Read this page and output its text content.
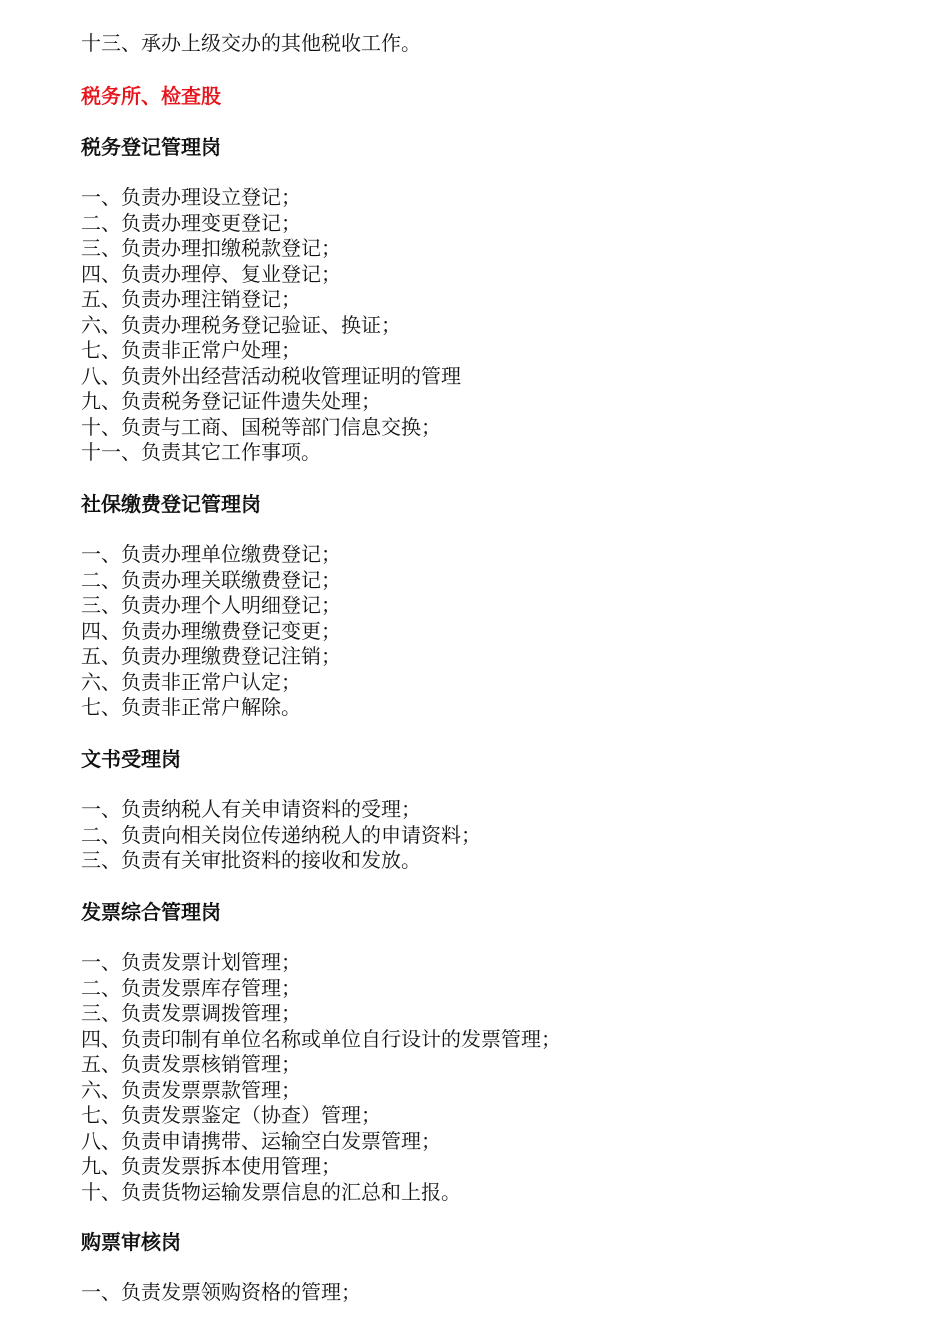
十三、承办上级交办的其他税收工作。
税务所、检查股
税务登记管理岗
一、负责办理设立登记；
二、负责办理变更登记；
三、负责办理扣缴税款登记；
四、负责办理停、复业登记；
五、负责办理注销登记；
六、负责办理税务登记验证、换证；
七、负责非正常户处理；
八、负责外出经营活动税收管理证明的管理
九、负责税务登记证件遗失处理；
十、负责与工商、国税等部门信息交换；
十一、负责其它工作事项。
社保缴费登记管理岗
一、负责办理单位缴费登记；
二、负责办理关联缴费登记；
三、负责办理个人明细登记；
四、负责办理缴费登记变更；
五、负责办理缴费登记注销；
六、负责非正常户认定；
七、负责非正常户解除。
文书受理岗
一、负责纳税人有关申请资料的受理；
二、负责向相关岗位传递纳税人的申请资料；
三、负责有关审批资料的接收和发放。
发票综合管理岗
一、负责发票计划管理；
二、负责发票库存管理；
三、负责发票调拨管理；
四、负责印制有单位名称或单位自行设计的发票管理；
五、负责发票核销管理；
六、负责发票票款管理；
七、负责发票鉴定（协查）管理；
八、负责申请携带、运输空白发票管理；
九、负责发票拆本使用管理；
十、负责货物运输发票信息的汇总和上报。
购票审核岗
一、负责发票领购资格的管理；
